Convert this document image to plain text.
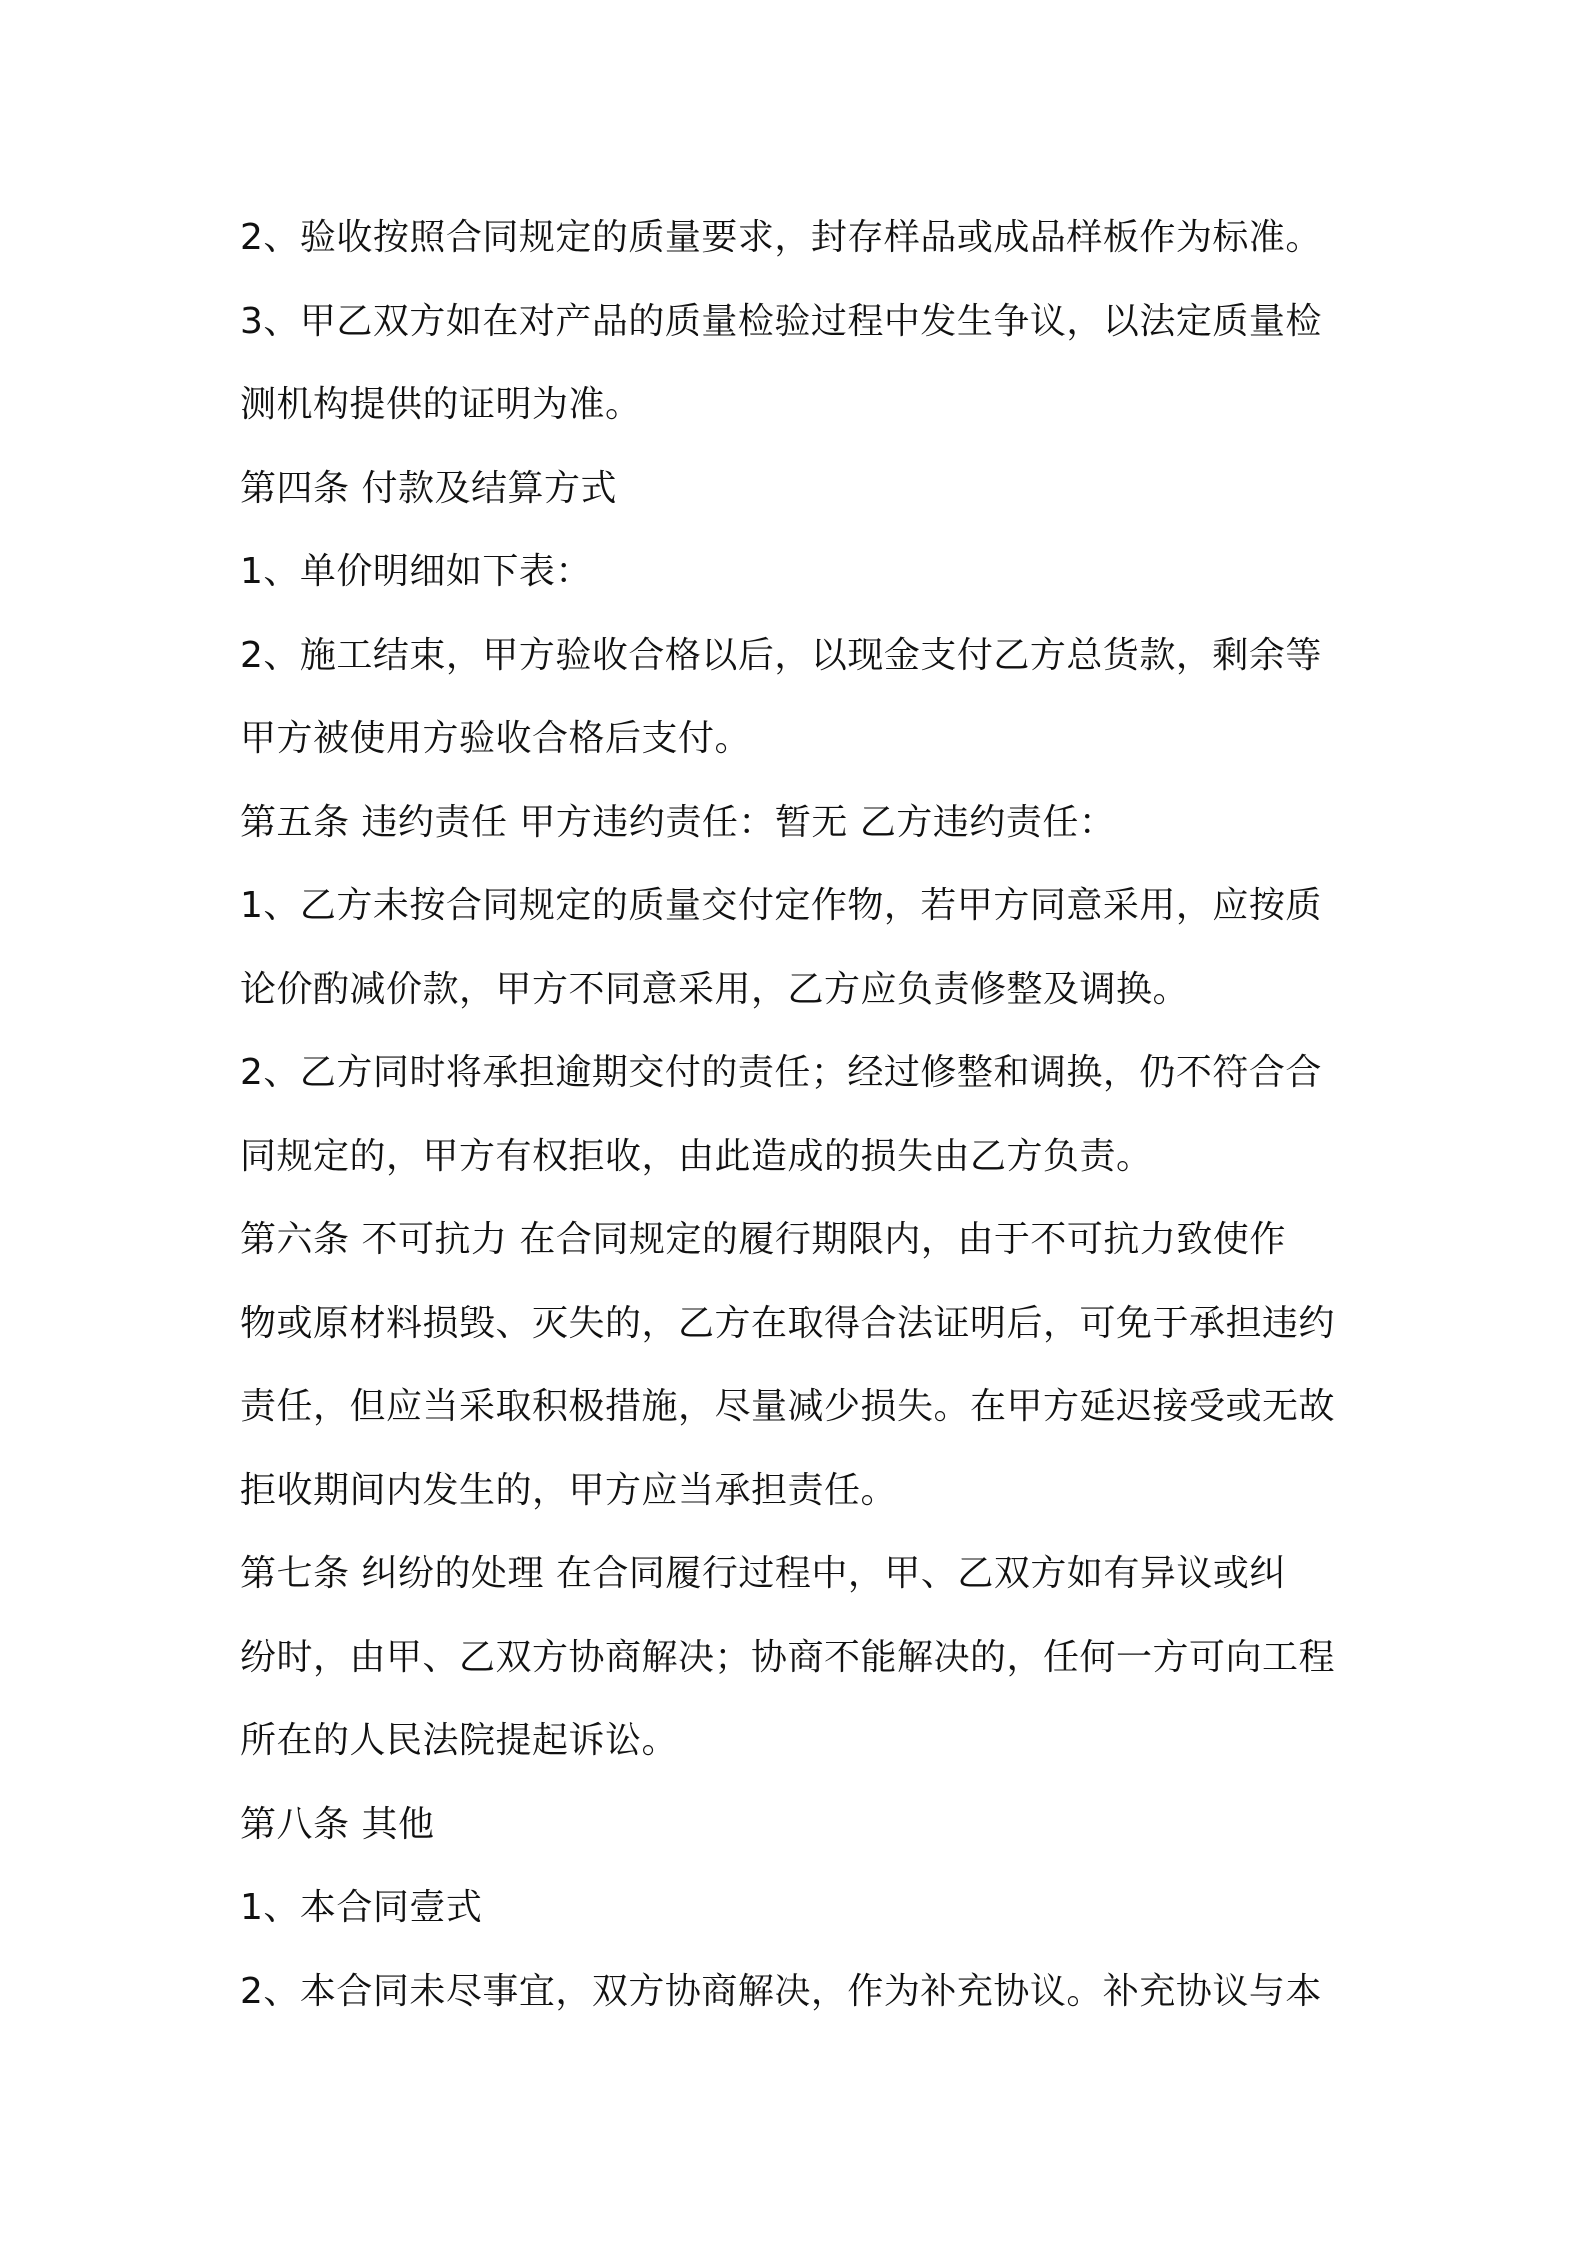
2、验收按照合同规定的质量要求，封存样品或成品样板作为标准。
3、甲乙双方如在对产品的质量检验过程中发生争议，以法定质量检
测机构提供的证明为准。
第四条 付款及结算方式
1、单价明细如下表：
2、施工结束，甲方验收合格以后，以现金支付乙方总货款，剩余等
甲方被使用方验收合格后支付。
第五条 违约责任 甲方违约责任：暂无 乙方违约责任：
1、乙方未按合同规定的质量交付定作物，若甲方同意采用，应按质
论价酌减价款，甲方不同意采用，乙方应负责修整及调换。
2、乙方同时将承担逾期交付的责任；经过修整和调换，仍不符合合
同规定的，甲方有权拒收，由此造成的损失由乙方负责。
第六条 不可抗力 在合同规定的履行期限内，由于不可抗力致使作
物或原材料损毁、灭失的，乙方在取得合法证明后，可免于承担违约
责任，但应当采取积极措施，尽量减少损失。在甲方延迟接受或无故
拒收期间内发生的，甲方应当承担责任。
第七条 纠纷的处理 在合同履行过程中，甲、乙双方如有异议或纠
纷时，由甲、乙双方协商解决；协商不能解决的，任何一方可向工程
所在的人民法院提起诉讼。
第八条 其他
1、本合同壹式
2、本合同未尽事宜，双方协商解决，作为补充协议。补充协议与本
